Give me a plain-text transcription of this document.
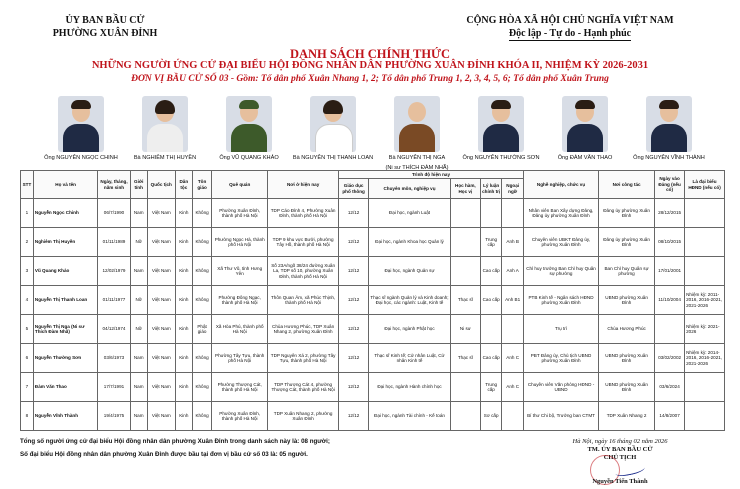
ỦY BAN BẦU CỬ
PHƯỜNG XUÂN ĐỈNH
CỘNG HÒA XÃ HỘI CHỦ NGHĨA VIỆT NAM
Độc lập - Tự do - Hạnh phúc
DANH SÁCH CHÍNH THỨC
NHỮNG NGƯỜI ỨNG CỬ ĐẠI BIỂU HỘI ĐỒNG NHÂN DÂN PHƯỜNG XUÂN ĐỈNH KHÓA II, NHIỆM KỲ 2026-2031
ĐƠN VỊ BẦU CỬ SỐ 03 - Gồm: Tổ dân phố Xuân Nhang 1, 2; Tổ dân phố Trung 1, 2, 3, 4, 5, 6; Tổ dân phố Xuân Trung
Ông NGUYỄN NGỌC CHINH	Bà NGHIÊM THỊ HUYỀN	Ông VŨ QUANG KHẢO	Bà NGUYỄN THỊ THANH LOAN	Bà NGUYỄN THỊ NGA
(Ni sư THÍCH ĐÀM NHÃ)
Ông NGUYỄN THƯỜNG SƠN	Ông ĐÀM VĂN THAO	Ông NGUYỄN VĨNH THÀNH
STT	Họ và tên	Ngày, tháng, năm sinh	Giới tính	Quốc tịch	Dân tộc	Tôn giáo	Quê quán	Nơi ở hiện nay	Trình độ hiện nay					Nghề nghiệp, chức vụ	Nơi công tác	Ngày vào Đảng (nếu có)	Là đại biểu HĐND (nếu có)
									Giáo dục phổ thông	Chuyên môn, nghiệp vụ	Học hàm, Học vị	Lý luận chính trị	Ngoại ngữ				
1	Nguyễn Ngọc Chinh	06/7/1990	Nam	Việt Nam	Kinh	Không	Phường Xuân Đỉnh, thành phố Hà Nội	TDP Cáo Đỉnh 4, Phường Xuân Đỉnh, thành phố Hà Nội	12/12	Đại học, ngành Luật				Nhân viên Ban Xây dựng Đảng, Đảng ủy phường Xuân Đỉnh	Đảng ủy phường Xuân Đỉnh	28/12/2015	
2	Nghiêm Thị Huyền	01/11/1989	Nữ	Việt Nam	Kinh	Không	Phường Ngọc Hà, thành phố Hà Nội	TDP 9 khu vực Bưởi, phường Tây Hồ, thành phố Hà Nội	12/12	Đại học, ngành Khoa học Quản lý		Trung cấp	Anh B	Chuyên viên UBKT Đảng ủy, phường Xuân Đỉnh	Đảng ủy phường Xuân Đỉnh	08/10/2015	
3	Vũ Quang Khảo	12/02/1979	Nam	Việt Nam	Kinh	Không	Xã Thư Vũ, tỉnh Hưng Yên	Số 23A/ngõ 38/24 đường Xuân La, TDP số 10, phường Xuân Đỉnh, thành phố Hà Nội	12/12	Đại học, ngành Quản sự		Cao cấp	Anh A	Chỉ huy trưởng Ban Chỉ huy Quân sự phường	Ban Chỉ huy Quân sự phường	17/01/2001	
4	Nguyễn Thị Thanh Loan	01/11/1977	Nữ	Việt Nam	Kinh	Không	Phường Đông Ngạc, thành phố Hà Nội	Thôn Quan Âm, xã Phúc Thịnh, thành phố Hà Nội	12/12	Thạc sĩ ngành Quản lý và Kinh doanh; Đại học, các ngành: Luật, Kinh tế	Thạc sĩ	Cao cấp	Anh B1	PTB Kinh tế - Ngân sách HĐND phường Xuân Đỉnh	UBND phường Xuân Đỉnh	11/10/2004	Nhiệm kỳ: 2011-2016, 2016-2021, 2021-2026
5	Nguyễn Thị Nga (Ni sư Thích Đàm Nhã)	04/12/1974	Nữ	Việt Nam	Kinh	Phật giáo	Xã Hòa Phú, thành phố Hà Nội	Chùa Hương Phúc, TDP Xuân Nhang 2, phường Xuân Đỉnh	12/12	Đại học, ngành Phật học	Ni sư			Trụ trì	Chùa Hương Phúc		Nhiệm kỳ: 2021-2026
6	Nguyễn Thường Sơn	03/6/1973	Nam	Việt Nam	Kinh	Không	Phường Tây Tựu, thành phố Hà Nội	TDP Nguyên Xá 2, phường Tây Tựu, thành phố Hà Nội	12/12	Thạc sĩ Kinh tế; Cử nhân Luật, Cử nhân Kinh tế	Thạc sĩ	Cao cấp	Anh C	PBT Đảng ủy, Chủ tịch UBND phường Xuân Đỉnh	UBND phường Xuân Đỉnh	03/02/2002	Nhiệm kỳ: 2014-2016, 2016-2021, 2021-2026
7	Đàm Văn Thao	17/7/1991	Nam	Việt Nam	Kinh	Không	Phường Thượng Cát, thành phố Hà Nội	TDP Thượng Cát 4, phường Thượng Cát, thành phố Hà Nội	12/12	Đại học, ngành Hành chính học		Trung cấp	Anh C	Chuyên viên Văn phòng HĐND - UBND	UBND phường Xuân Đỉnh	03/6/2024	
8	Nguyễn Vĩnh Thành	19/4/1975	Nam	Việt Nam	Kinh	Không	Phường Xuân Đỉnh, thành phố Hà Nội	TDP Xuân Nhang 2, phường Xuân Đỉnh	12/12	Đại học, ngành Tài chính - Kế toán		Sơ cấp		Bí thư Chi bộ, Trưởng ban CTMT	TDP Xuân Nhang 2	14/8/2007	
Tổng số người ứng cử đại biểu Hội đồng nhân dân phường Xuân Đỉnh trong danh sách này là: 08 người;
Số đại biểu Hội đồng nhân dân phường Xuân Đỉnh được bầu tại đơn vị bầu cử số 03 là: 05 người.
Hà Nội, ngày 16 tháng 02 năm 2026
TM. ỦY BAN BẦU CỬ
CHỦ TỊCH
Nguyễn Tiến Thành
